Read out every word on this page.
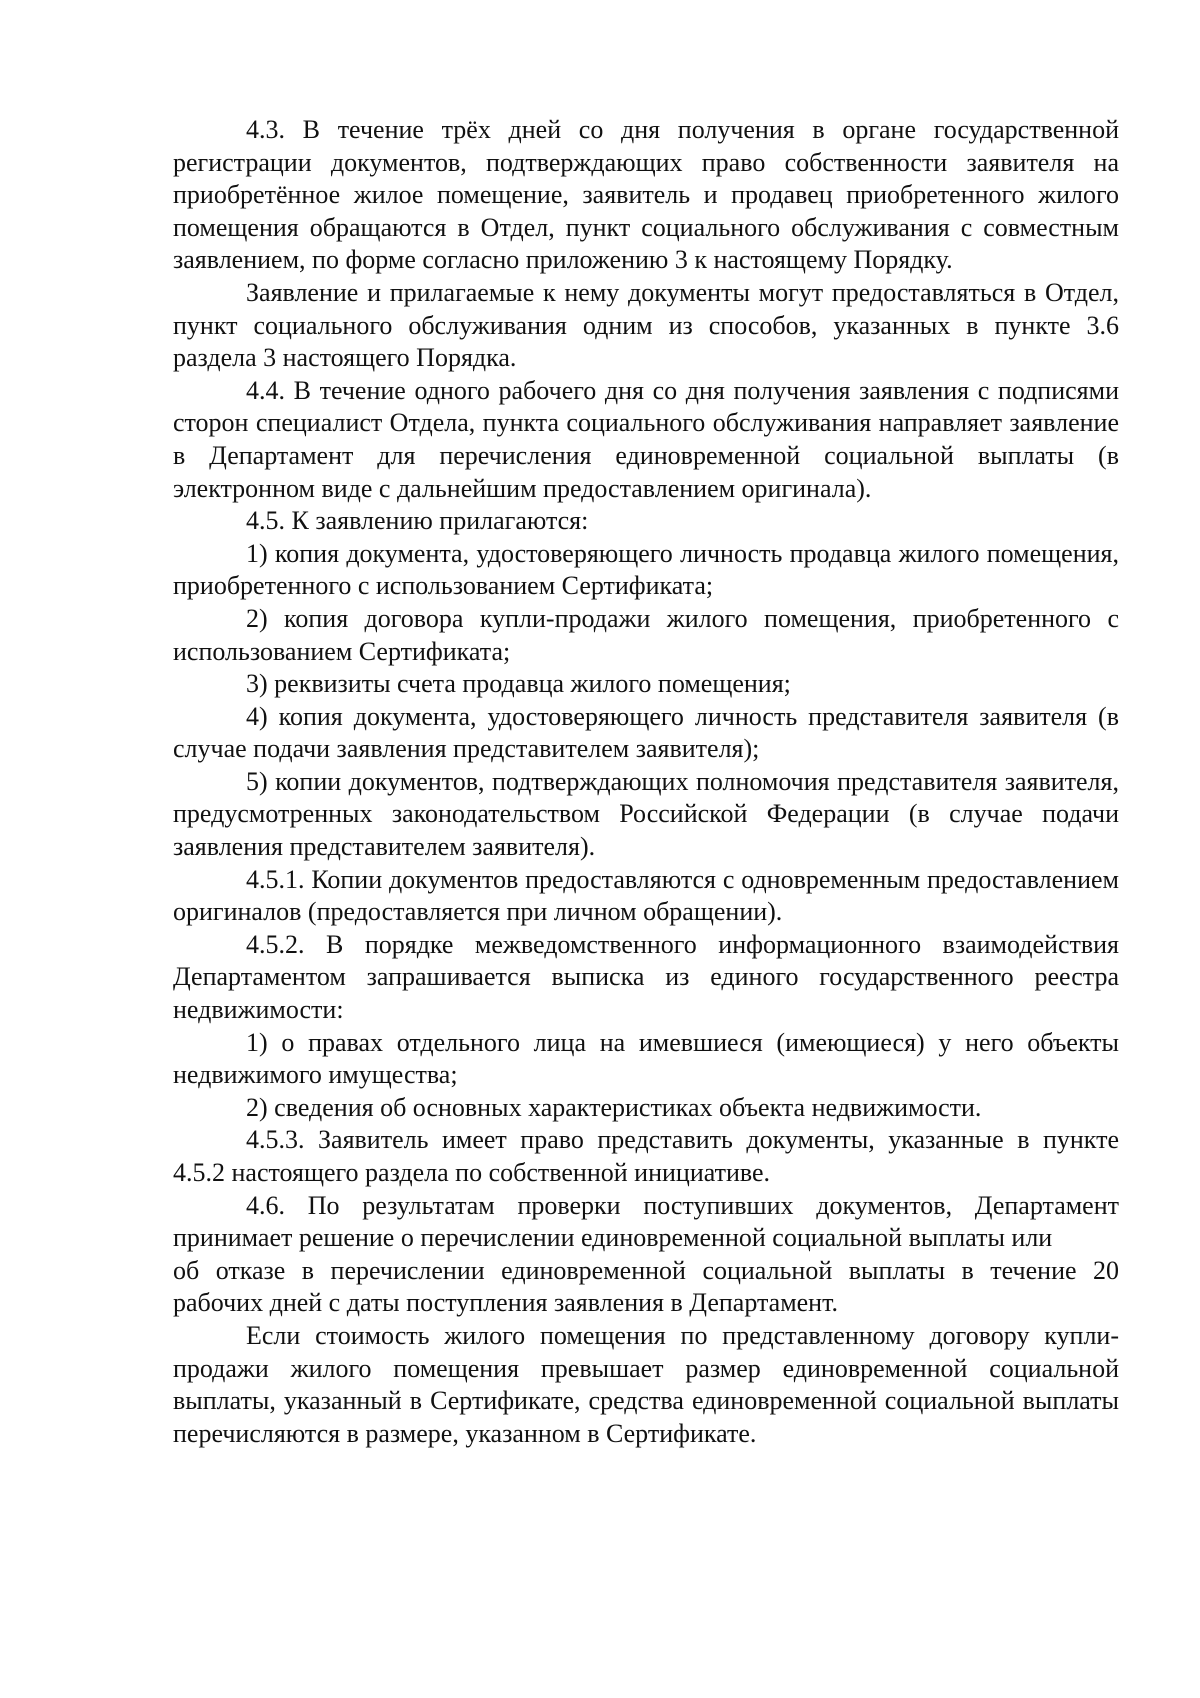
4.3. В течение трёх дней со дня получения в органе государственной регистрации документов, подтверждающих право собственности заявителя на приобретённое жилое помещение, заявитель и продавец приобретенного жилого помещения обращаются в Отдел, пункт социального обслуживания с совместным заявлением, по форме согласно приложению 3 к настоящему Порядку.

Заявление и прилагаемые к нему документы могут предоставляться в Отдел, пункт социального обслуживания одним из способов, указанных в пункте 3.6 раздела 3 настоящего Порядка.

4.4. В течение одного рабочего дня со дня получения заявления с подписями сторон специалист Отдела, пункта социального обслуживания направляет заявление в Департамент для перечисления единовременной социальной выплаты (в электронном виде с дальнейшим предоставлением оригинала).

4.5. К заявлению прилагаются:

1) копия документа, удостоверяющего личность продавца жилого помещения, приобретенного с использованием Сертификата;

2) копия договора купли-продажи жилого помещения, приобретенного с использованием Сертификата;

3) реквизиты счета продавца жилого помещения;

4) копия документа, удостоверяющего личность представителя заявителя (в случае подачи заявления представителем заявителя);

5) копии документов, подтверждающих полномочия представителя заявителя, предусмотренных законодательством Российской Федерации (в случае подачи заявления представителем заявителя).

4.5.1. Копии документов предоставляются с одновременным предоставлением оригиналов (предоставляется при личном обращении).

4.5.2. В порядке межведомственного информационного взаимодействия Департаментом запрашивается выписка из единого государственного реестра недвижимости:

1) о правах отдельного лица на имевшиеся (имеющиеся) у него объекты недвижимого имущества;

2) сведения об основных характеристиках объекта недвижимости.

4.5.3. Заявитель имеет право представить документы, указанные в пункте 4.5.2 настоящего раздела по собственной инициативе.

4.6. По результатам проверки поступивших документов, Департамент принимает решение о перечислении единовременной социальной выплаты или

об отказе в перечислении единовременной социальной выплаты в течение 20 рабочих дней с даты поступления заявления в Департамент.

Если стоимость жилого помещения по представленному договору купли-продажи жилого помещения превышает размер единовременной социальной выплаты, указанный в Сертификате, средства единовременной социальной выплаты перечисляются в размере, указанном в Сертификате.
